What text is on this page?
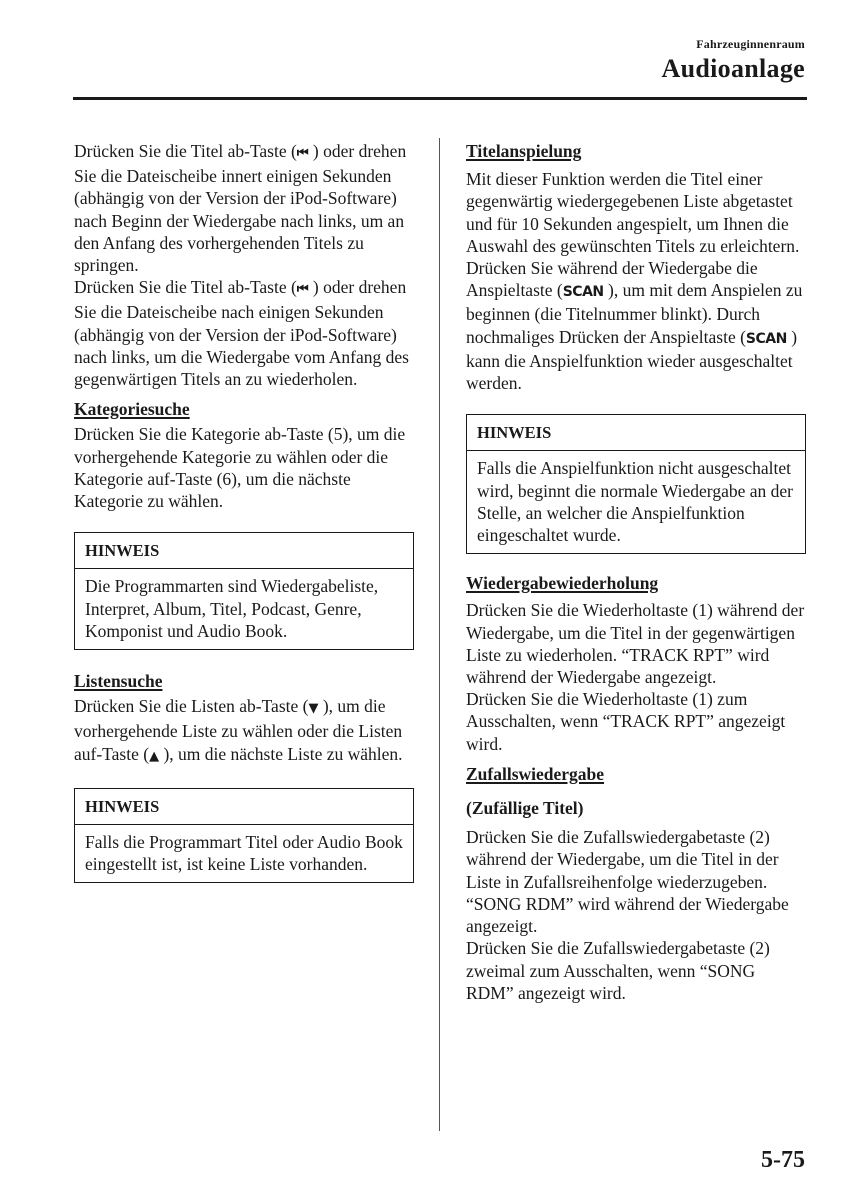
Fahrzeuginnenraum
Audioanlage

Drücken Sie die Titel ab-Taste (⏮ ) oder drehen Sie die Dateischeibe innert einigen Sekunden (abhängig von der Version der iPod-Software) nach Beginn der Wiedergabe nach links, um an den Anfang des vorhergehenden Titels zu springen.

Drücken Sie die Titel ab-Taste (⏮ ) oder drehen Sie die Dateischeibe nach einigen Sekunden (abhängig von der Version der iPod-Software) nach links, um die Wiedergabe vom Anfang des gegenwärtigen Titels an zu wiederholen.

Kategoriesuche

Drücken Sie die Kategorie ab-Taste (5), um die vorhergehende Kategorie zu wählen oder die Kategorie auf-Taste (6), um die nächste Kategorie zu wählen.

HINWEIS
Die Programmarten sind Wiedergabeliste, Interpret, Album, Titel, Podcast, Genre, Komponist und Audio Book.

Listensuche

Drücken Sie die Listen ab-Taste (▼ ), um die vorhergehende Liste zu wählen oder die Listen auf-Taste (▲ ), um die nächste Liste zu wählen.

HINWEIS
Falls die Programmart Titel oder Audio Book eingestellt ist, ist keine Liste vorhanden.

Titelanspielung

Mit dieser Funktion werden die Titel einer gegenwärtig wiedergegebenen Liste abgetastet und für 10 Sekunden angespielt, um Ihnen die Auswahl des gewünschten Titels zu erleichtern.

Drücken Sie während der Wiedergabe die Anspieltaste (SCAN ), um mit dem Anspielen zu beginnen (die Titelnummer blinkt). Durch nochmaliges Drücken der Anspieltaste (SCAN ) kann die Anspielfunktion wieder ausgeschaltet werden.

HINWEIS
Falls die Anspielfunktion nicht ausgeschaltet wird, beginnt die normale Wiedergabe an der Stelle, an welcher die Anspielfunktion eingeschaltet wurde.

Wiedergabewiederholung

Drücken Sie die Wiederholtaste (1) während der Wiedergabe, um die Titel in der gegenwärtigen Liste zu wiederholen. “TRACK RPT” wird während der Wiedergabe angezeigt.

Drücken Sie die Wiederholtaste (1) zum Ausschalten, wenn “TRACK RPT” angezeigt wird.

Zufallswiedergabe

(Zufällige Titel)

Drücken Sie die Zufallswiedergabetaste (2) während der Wiedergabe, um die Titel in der Liste in Zufallsreihenfolge wiederzugeben. “SONG RDM” wird während der Wiedergabe angezeigt.

Drücken Sie die Zufallswiedergabetaste (2) zweimal zum Ausschalten, wenn “SONG RDM” angezeigt wird.

5-75
